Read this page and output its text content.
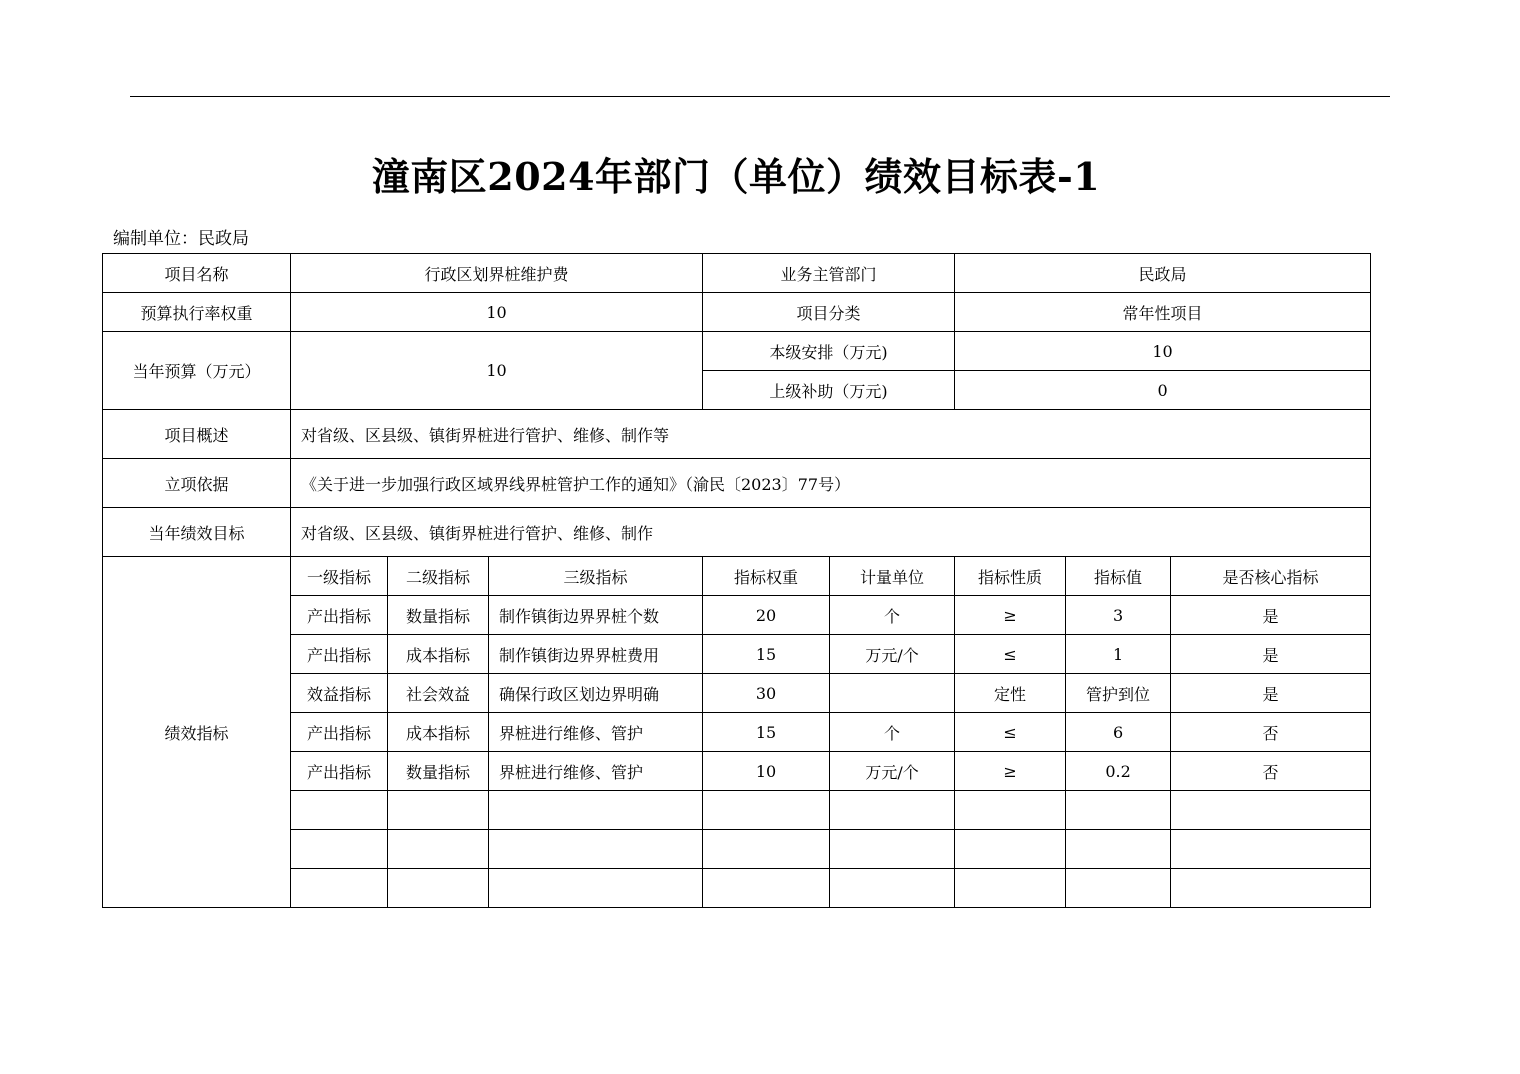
潼南区2024年部门（单位）绩效目标表-1
编制单位：民政局
项目名称	行政区划界桩维护费			业务主管部门		民政局		
预算执行率权重	10			项目分类		常年性项目		
当年预算（万元）	10			本级安排（万元)		10		
				上级补助（万元)		0		
项目概述	对省级、区县级、镇街界桩进行管护、维修、制作等							
立项依据	《关于进一步加强行政区域界线界桩管护工作的通知》（渝民〔2023〕77号）							
当年绩效目标	对省级、区县级、镇街界桩进行管护、维修、制作							
绩效指标	一级指标	二级指标	三级指标	指标权重	计量单位	指标性质	指标值	是否核心指标
	产出指标	数量指标	制作镇街边界界桩个数	20	个	≥	3	是
	产出指标	成本指标	制作镇街边界界桩费用	15	万元/个	≤	1	是
	效益指标	社会效益	确保行政区划边界明确	30		定性	管护到位	是
	产出指标	成本指标	界桩进行维修、管护	15	个	≤	6	否
	产出指标	数量指标	界桩进行维修、管护	10	万元/个	≥	0.2	否
